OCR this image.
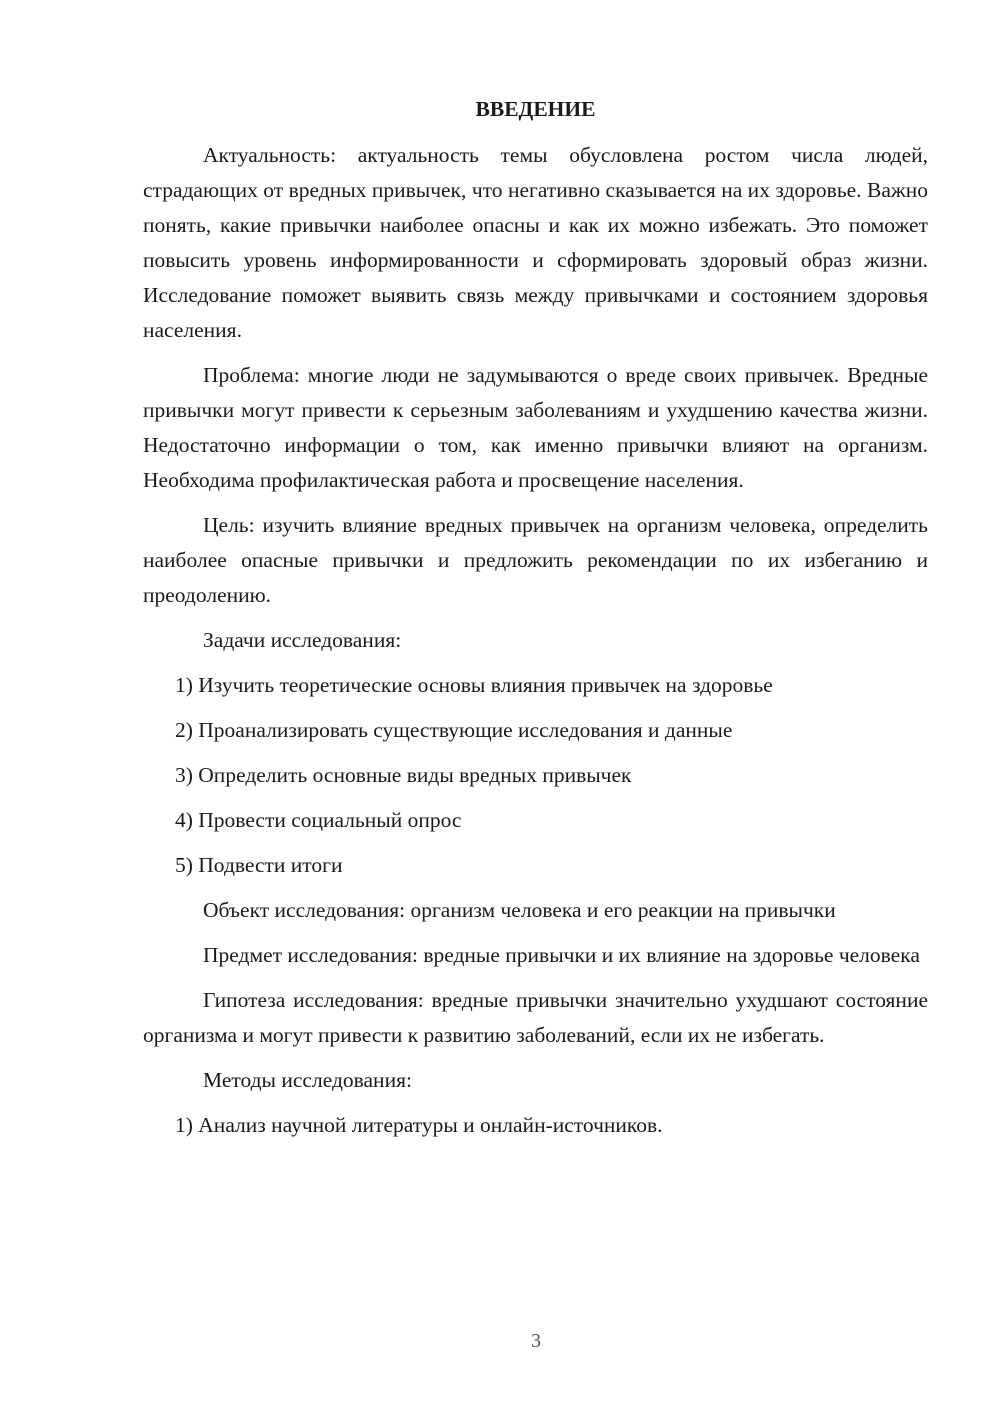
ВВЕДЕНИЕ

Актуальность: актуальность темы обусловлена ростом числа людей, страдающих от вредных привычек, что негативно сказывается на их здоровье. Важно понять, какие привычки наиболее опасны и как их можно избежать. Это поможет повысить уровень информированности и сформировать здоровый образ жизни. Исследование поможет выявить связь между привычками и состоянием здоровья населения.

Проблема: многие люди не задумываются о вреде своих привычек. Вредные привычки могут привести к серьезным заболеваниям и ухудшению качества жизни. Недостаточно информации о том, как именно привычки влияют на организм. Необходима профилактическая работа и просвещение населения.

Цель: изучить влияние вредных привычек на организм человека, определить наиболее опасные привычки и предложить рекомендации по их избеганию и преодолению.

Задачи исследования:
1) Изучить теоретические основы влияния привычек на здоровье
2) Проанализировать существующие исследования и данные
3) Определить основные виды вредных привычек
4) Провести социальный опрос
5) Подвести итоги

Объект исследования: организм человека и его реакции на привычки

Предмет исследования: вредные привычки и их влияние на здоровье человека

Гипотеза исследования: вредные привычки значительно ухудшают состояние организма и могут привести к развитию заболеваний, если их не избегать.

Методы исследования:
1) Анализ научной литературы и онлайн-источников.
3
